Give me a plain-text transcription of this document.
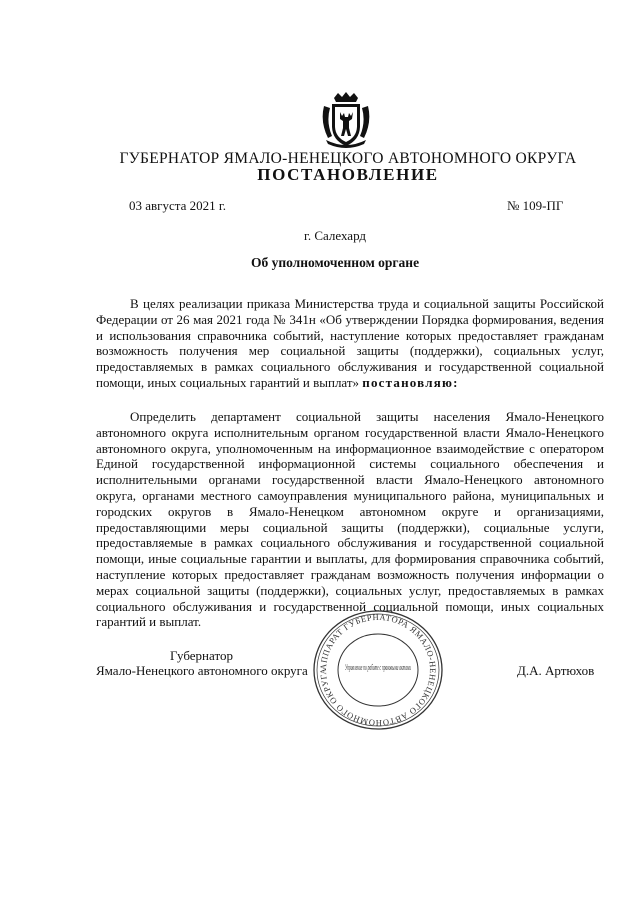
ГУБЕРНАТОР ЯМАЛО-НЕНЕЦКОГО АВТОНОМНОГО ОКРУГА
ПОСТАНОВЛЕНИЕ
03 августа 2021 г.	№ 109-ПГ
г. Салехард
Об уполномоченном органе

В целях реализации приказа Министерства труда и социальной защиты Российской Федерации от 26 мая 2021 года № 341н «Об утверждении Порядка формирования, ведения и использования справочника событий, наступление которых предоставляет гражданам возможность получения мер социальной защиты (поддержки), социальных услуг, предоставляемых в рамках социального обслуживания и государственной социальной помощи, иных социальных гарантий и выплат» постановляю:

Определить департамент социальной защиты населения Ямало-Ненецкого автономного округа исполнительным органом государственной власти Ямало-Ненецкого автономного округа, уполномоченным на информационное взаимодействие с оператором Единой государственной информационной системы социального обеспечения и исполнительными органами государственной власти Ямало-Ненецкого автономного округа, органами местного самоуправления муниципального района, муниципальных и городских округов в Ямало-Ненецком автономном округе и организациями, предоставляющими меры социальной защиты (поддержки), социальные услуги, предоставляемые в рамках социального обслуживания и государственной социальной помощи, иные социальные гарантии и выплаты, для формирования справочника событий, наступление которых предоставляет гражданам возможность получения информации о мерах социальной защиты (поддержки), социальных услуг, предоставляемых в рамках социального обслуживания и государственной социальной помощи, иных социальных гарантий и выплат.

Губернатор
Ямало-Ненецкого автономного округа	Д.А. Артюхов
АППАРАТ ГУБЕРНАТОРА ЯМАЛО-НЕНЕЦКОГО АВТОНОМНОГО ОКРУГА	Управление по работе с правовыми актами
